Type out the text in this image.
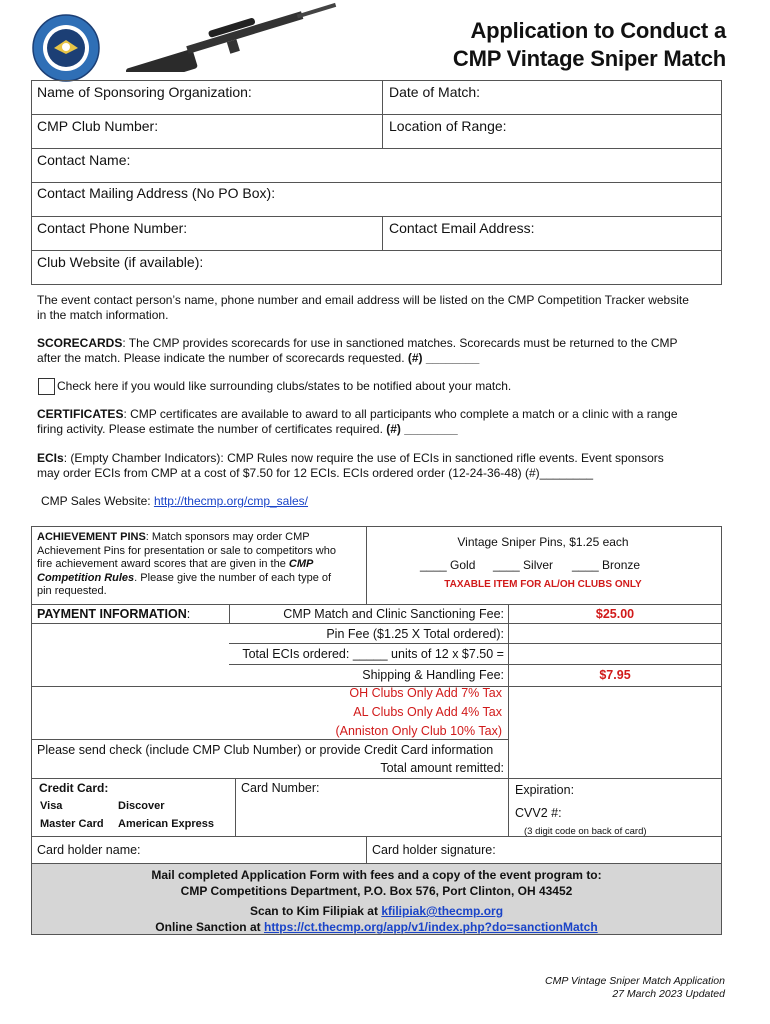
Application to Conduct a
CMP Vintage Sniper Match
Name of Sponsoring Organization:	Date of Match:
CMP Club Number:	Location of Range:
Contact Name:
Contact Mailing Address (No PO Box):
Contact Phone Number:	Contact Email Address:
Club Website (if available):
The event contact person’s name, phone number and email address will be listed on the CMP Competition Tracker website
in the match information.
SCORECARDS: The CMP provides scorecards for use in sanctioned matches. Scorecards must be returned to the CMP
after the match. Please indicate the number of scorecards requested. (#) ________
Check here if you would like surrounding clubs/states to be notified about your match.
CERTIFICATES: CMP certificates are available to award to all participants who complete a match or a clinic with a range
firing activity. Please estimate the number of certificates required. (#) ________
ECIs: (Empty Chamber Indicators): CMP Rules now require the use of ECIs in sanctioned rifle events. Event sponsors
may order ECIs from CMP at a cost of $7.50 for 12 ECIs. ECIs ordered order (12-24-36-48) (#)________
CMP Sales Website: http://thecmp.org/cmp_sales/
ACHIEVEMENT PINS: Match sponsors may order CMP
Achievement Pins for presentation or sale to competitors who
fire achievement award scores that are given in the CMP
Competition Rules. Please give the number of each type of
pin requested.
Vintage Sniper Pins, $1.25 each
____ Gold ____ Silver ____ Bronze
TAXABLE ITEM FOR AL/OH CLUBS ONLY
PAYMENT INFORMATION:	CMP Match and Clinic Sanctioning Fee:	$25.00
Pin Fee ($1.25 X Total ordered):
Total ECIs ordered: _____ units of 12 x $7.50 =
Shipping & Handling Fee:	$7.95
OH Clubs Only Add 7% Tax
AL Clubs Only Add 4% Tax
(Anniston Only Club 10% Tax)
Please send check (include CMP Club Number) or provide Credit Card information
Total amount remitted:
Credit Card:
Visa	Discover
Master Card American Express
Card Number:	Expiration:
CVV2 #:
(3 digit code on back of card)
Card holder name:	Card holder signature:
Mail completed Application Form with fees and a copy of the event program to:
CMP Competitions Department, P.O. Box 576, Port Clinton, OH 43452
Scan to Kim Filipiak at kfilipiak@thecmp.org
Online Sanction at https://ct.thecmp.org/app/v1/index.php?do=sanctionMatch
CMP Vintage Sniper Match Application
27 March 2023 Updated
